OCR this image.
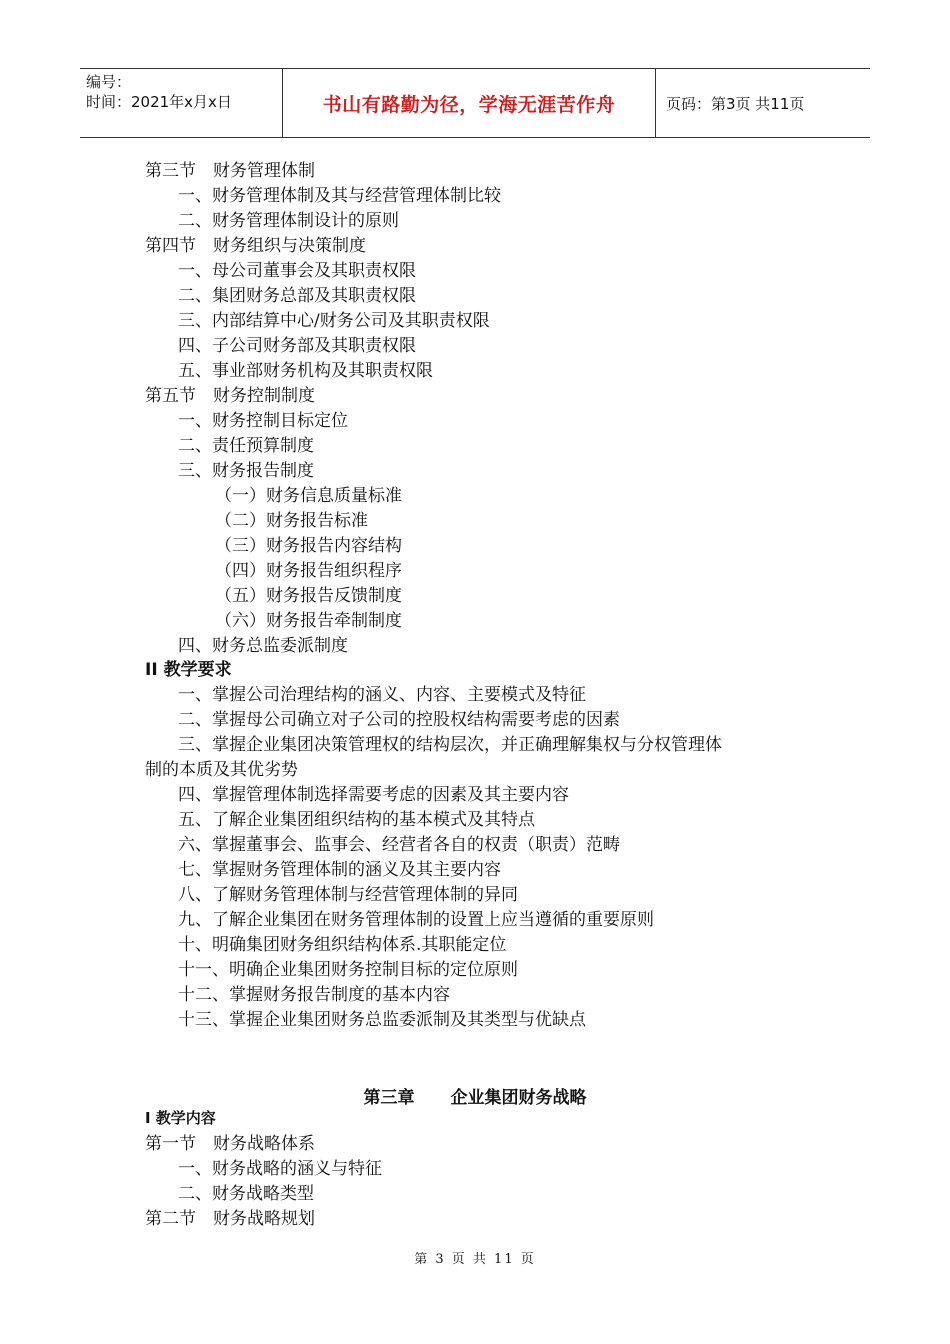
编号：
时间：2021年x月x日	书山有路勤为径，学海无涯苦作舟	页码：第3页 共11页
第三节　财务管理体制
一、财务管理体制及其与经营管理体制比较
二、财务管理体制设计的原则
第四节　财务组织与决策制度
一、母公司董事会及其职责权限
二、集团财务总部及其职责权限
三、内部结算中心/财务公司及其职责权限
四、子公司财务部及其职责权限
五、事业部财务机构及其职责权限
第五节　财务控制制度
一、财务控制目标定位
二、责任预算制度
三、财务报告制度
（一）财务信息质量标准
（二）财务报告标准
（三）财务报告内容结构
（四）财务报告组织程序
（五）财务报告反馈制度
（六）财务报告牵制制度
四、财务总监委派制度
II 教学要求
一、掌握公司治理结构的涵义、内容、主要模式及特征
二、掌握母公司确立对子公司的控股权结构需要考虑的因素
三、掌握企业集团决策管理权的结构层次，并正确理解集权与分权管理体
制的本质及其优劣势
四、掌握管理体制选择需要考虑的因素及其主要内容
五、了解企业集团组织结构的基本模式及其特点
六、掌握董事会、监事会、经营者各自的权责（职责）范畴
七、掌握财务管理体制的涵义及其主要内容
八、了解财务管理体制与经营管理体制的异同
九、了解企业集团在财务管理体制的设置上应当遵循的重要原则
十、明确集团财务组织结构体系.其职能定位
十一、明确企业集团财务控制目标的定位原则
十二、掌握财务报告制度的基本内容
十三、掌握企业集团财务总监委派制及其类型与优缺点
第三章 企业集团财务战略
I 教学内容
第一节　财务战略体系
一、财务战略的涵义与特征
二、财务战略类型
第二节　财务战略规划
第 3 页 共 11 页
